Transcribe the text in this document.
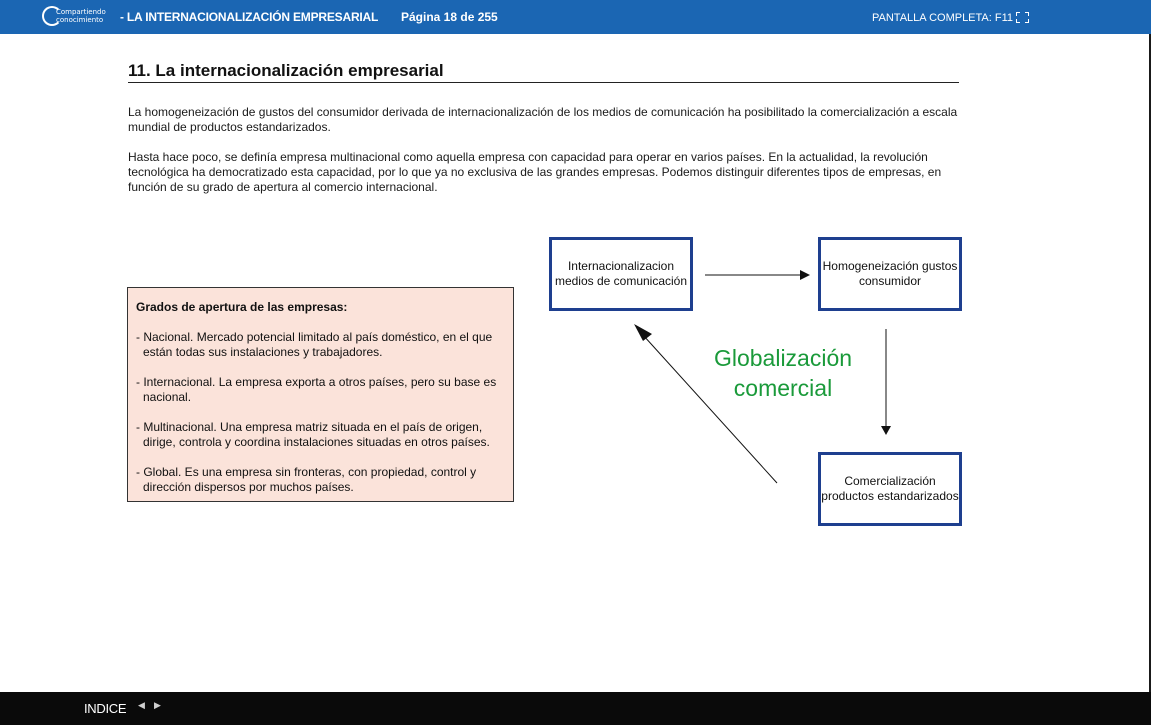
Compartiendo
conocimiento - LA INTERNACIONALIZACIÓN EMPRESARIAL Página 18 de 255	PANTALLA COMPLETA: F11
11. La internacionalización empresarial

La homogeneización de gustos del consumidor derivada de internacionalización de los medios de comunicación ha posibilitado la comercialización a escala mundial de productos estandarizados.

Hasta hace poco, se definía empresa multinacional como aquella empresa con capacidad para operar en varios países. En la actualidad, la revolución tecnológica ha democratizado esta capacidad, por lo que ya no exclusiva de las grandes empresas. Podemos distinguir diferentes tipos de empresas, en función de su grado de apertura al comercio internacional.

Grados de apertura de las empresas:
- Nacional. Mercado potencial limitado al país doméstico, en el que están todas sus instalaciones y trabajadores.
- Internacional. La empresa exporta a otros países, pero su base es nacional.
- Multinacional. Una empresa matriz situada en el país de origen, dirige, controla y coordina instalaciones situadas en otros países.
- Global. Es una empresa sin fronteras, con propiedad, control y dirección dispersos por muchos países.
Internacionalizacion medios de comunicación
Homogeneización gustos consumidor
Comercialización productos estandarizados
Globalización comercial
INDICE ◀ ▶
